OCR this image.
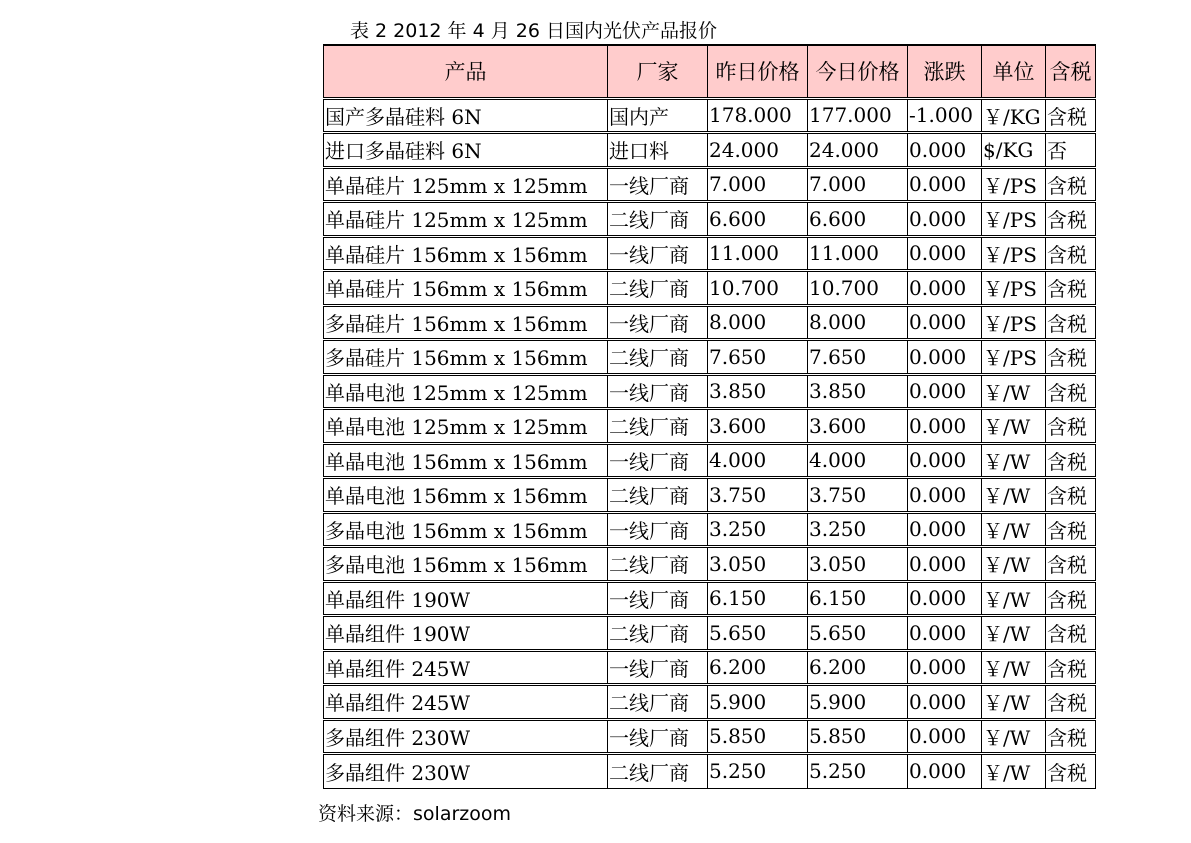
表 2 2012 年 4 月 26 日国内光伏产品报价
产品	厂家	昨日价格	今日价格	涨跌	单位	含税
国产多晶硅料 6N	国内产	178.000	177.000	-1.000	￥/KG	含税
进口多晶硅料 6N	进口料	24.000	24.000	0.000	$/KG	否
单晶硅片 125mm x 125mm	一线厂商	7.000	7.000	0.000	￥/PS	含税
单晶硅片 125mm x 125mm	二线厂商	6.600	6.600	0.000	￥/PS	含税
单晶硅片 156mm x 156mm	一线厂商	11.000	11.000	0.000	￥/PS	含税
单晶硅片 156mm x 156mm	二线厂商	10.700	10.700	0.000	￥/PS	含税
多晶硅片 156mm x 156mm	一线厂商	8.000	8.000	0.000	￥/PS	含税
多晶硅片 156mm x 156mm	二线厂商	7.650	7.650	0.000	￥/PS	含税
单晶电池 125mm x 125mm	一线厂商	3.850	3.850	0.000	￥/W	含税
单晶电池 125mm x 125mm	二线厂商	3.600	3.600	0.000	￥/W	含税
单晶电池 156mm x 156mm	一线厂商	4.000	4.000	0.000	￥/W	含税
单晶电池 156mm x 156mm	二线厂商	3.750	3.750	0.000	￥/W	含税
多晶电池 156mm x 156mm	一线厂商	3.250	3.250	0.000	￥/W	含税
多晶电池 156mm x 156mm	二线厂商	3.050	3.050	0.000	￥/W	含税
单晶组件 190W	一线厂商	6.150	6.150	0.000	￥/W	含税
单晶组件 190W	二线厂商	5.650	5.650	0.000	￥/W	含税
单晶组件 245W	一线厂商	6.200	6.200	0.000	￥/W	含税
单晶组件 245W	二线厂商	5.900	5.900	0.000	￥/W	含税
多晶组件 230W	一线厂商	5.850	5.850	0.000	￥/W	含税
多晶组件 230W	二线厂商	5.250	5.250	0.000	￥/W	含税
资料来源：solarzoom
